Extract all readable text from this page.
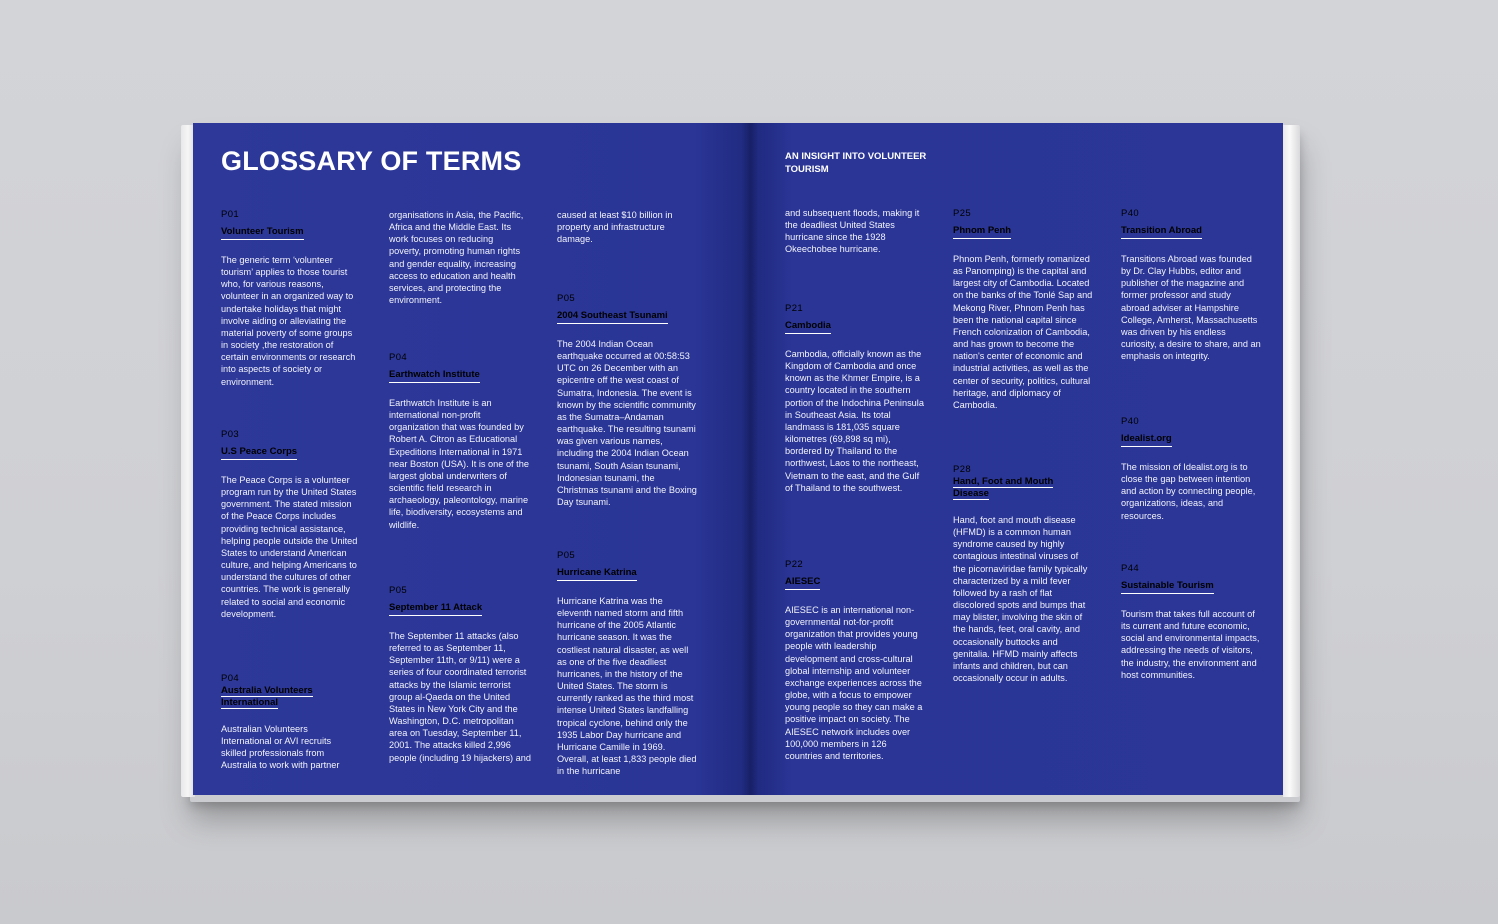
GLOSSARY OF TERMS	AN INSIGHT INTO VOLUNTEER TOURISM
P01
Volunteer Tourism

The generic term ‘volunteer tourism’ applies to those tourist who, for various reasons, volunteer in an organized way to undertake holidays that might involve aiding or alleviating the material poverty of some groups in society ,the restoration of certain environments or research into aspects of society or environment.

P03
U.S Peace Corps

The Peace Corps is a volunteer program run by the United States government. The stated mission of the Peace Corps includes providing technical assistance, helping people outside the United States to understand American culture, and helping Americans to understand the cultures of other countries. The work is generally related to social and economic development.

P04
Australia Volunteers International

Australian Volunteers International or AVI recruits skilled professionals from Australia to work with partner

organisations in Asia, the Pacific, Africa and the Middle East. Its work focuses on reducing poverty, promoting human rights and gender equality, increasing access to education and health services, and protecting the environment.

P04
Earthwatch Institute

Earthwatch Institute is an international non-profit organization that was founded by Robert A. Citron as Educational Expeditions International in 1971 near Boston (USA). It is one of the largest global underwriters of scientific field research in archaeology, paleontology, marine life, biodiversity, ecosystems and wildlife.

P05
September 11 Attack

The September 11 attacks (also referred to as September 11, September 11th, or 9/11) were a series of four coordinated terrorist attacks by the Islamic terrorist group al-Qaeda on the United States in New York City and the Washington, D.C. metropolitan area on Tuesday, September 11, 2001. The attacks killed 2,996 people (including 19 hijackers) and

caused at least $10 billion in property and infrastructure damage.

P05
2004 Southeast Tsunami

The 2004 Indian Ocean earthquake occurred at 00:58:53 UTC on 26 December with an epicentre off the west coast of Sumatra, Indonesia. The event is known by the scientific community as the Sumatra–Andaman earthquake. The resulting tsunami was given various names, including the 2004 Indian Ocean tsunami, South Asian tsunami, Indonesian tsunami, the Christmas tsunami and the Boxing Day tsunami.

P05
Hurricane Katrina

Hurricane Katrina was the eleventh named storm and fifth hurricane of the 2005 Atlantic hurricane season. It was the costliest natural disaster, as well as one of the five deadliest hurricanes, in the history of the United States. The storm is currently ranked as the third most intense United States landfalling tropical cyclone, behind only the 1935 Labor Day hurricane and Hurricane Camille in 1969. Overall, at least 1,833 people died in the hurricane

and subsequent floods, making it the deadliest United States hurricane since the 1928 Okeechobee hurricane.

P21
Cambodia

Cambodia, officially known as the Kingdom of Cambodia and once known as the Khmer Empire, is a country located in the southern portion of the Indochina Peninsula in Southeast Asia. Its total landmass is 181,035 square kilometres (69,898 sq mi), bordered by Thailand to the northwest, Laos to the northeast, Vietnam to the east, and the Gulf of Thailand to the southwest.

P22
AIESEC

AIESEC is an international non-governmental not-for-profit organization that provides young people with leadership development and cross-cultural global internship and volunteer exchange experiences across the globe, with a focus to empower young people so they can make a positive impact on society. The AIESEC network includes over 100,000 members in 126 countries and territories.

P25
Phnom Penh

Phnom Penh, formerly romanized as Panomping) is the capital and largest city of Cambodia. Located on the banks of the Tonlé Sap and Mekong River, Phnom Penh has been the national capital since French colonization of Cambodia, and has grown to become the nation's center of economic and industrial activities, as well as the center of security, politics, cultural heritage, and diplomacy of Cambodia.

P28
Hand, Foot and Mouth Disease

Hand, foot and mouth disease (HFMD) is a common human syndrome caused by highly contagious intestinal viruses of the picornaviridae family typically characterized by a mild fever followed by a rash of flat discolored spots and bumps that may blister, involving the skin of the hands, feet, oral cavity, and occasionally buttocks and genitalia. HFMD mainly affects infants and children, but can occasionally occur in adults.

P40
Transition Abroad

Transitions Abroad was founded by Dr. Clay Hubbs, editor and publisher of the magazine and former professor and study abroad adviser at Hampshire College, Amherst, Massachusetts was driven by his endless curiosity, a desire to share, and an emphasis on integrity.

P40
Idealist.org

The mission of Idealist.org is to close the gap between intention and action by connecting people, organizations, ideas, and resources.

P44
Sustainable Tourism

Tourism that takes full account of its current and future economic, social and environmental impacts, addressing the needs of visitors, the industry, the environment and host communities.
